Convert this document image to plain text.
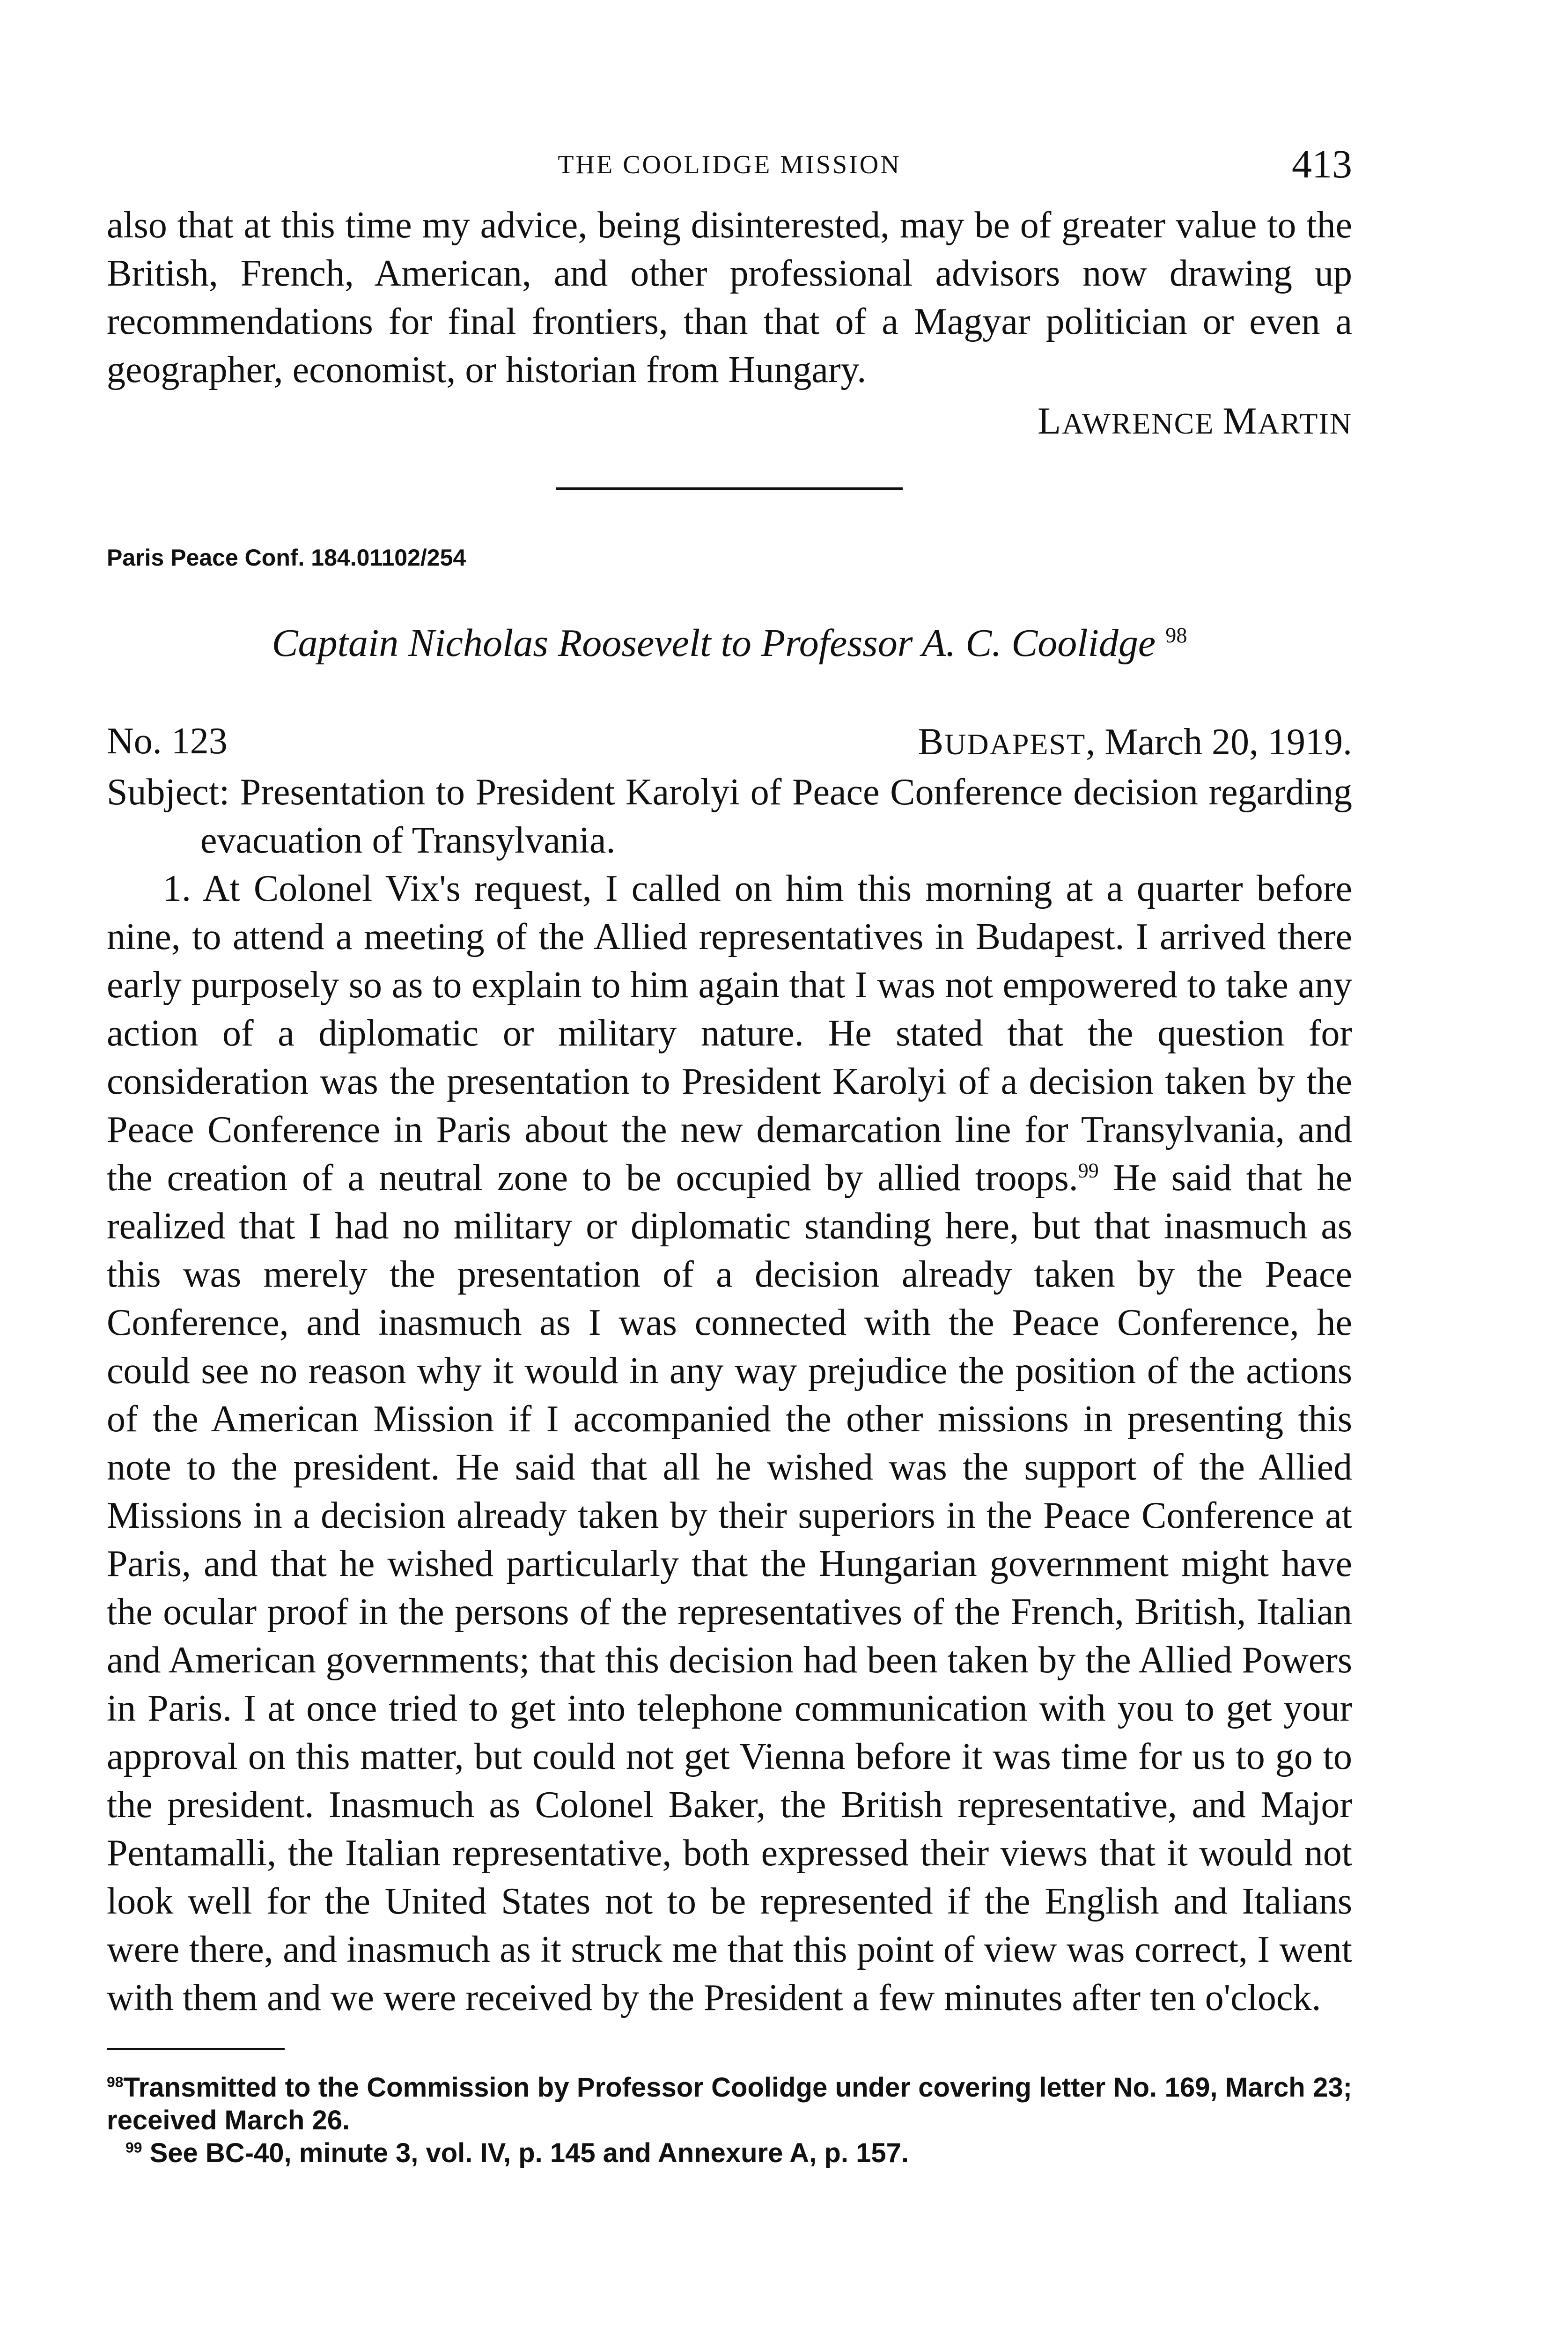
THE COOLIDGE MISSION	413

also that at this time my advice, being disinterested, may be of greater value to the British, French, American, and other professional advisors now drawing up recommendations for final frontiers, than that of a Magyar politician or even a geographer, economist, or historian from Hungary.

LAWRENCE MARTIN

Paris Peace Conf. 184.01102/254

Captain Nicholas Roosevelt to Professor A. C. Coolidge $^{98}$

No. 123	BUDAPEST, March 20, 1919.

Subject: Presentation to President Karolyi of Peace Conference decision regarding evacuation of Transylvania.

1. At Colonel Vix's request, I called on him this morning at a quarter before nine, to attend a meeting of the Allied representatives in Budapest. I arrived there early purposely so as to explain to him again that I was not empowered to take any action of a diplomatic or military nature. He stated that the question for consideration was the presentation to President Karolyi of a decision taken by the Peace Conference in Paris about the new demarcation line for Transylvania, and the creation of a neutral zone to be occupied by allied troops.$^{99}$ He said that he realized that I had no military or diplomatic standing here, but that inasmuch as this was merely the presentation of a decision already taken by the Peace Conference, and inasmuch as I was connected with the Peace Conference, he could see no reason why it would in any way prejudice the position of the actions of the American Mission if I accompanied the other missions in presenting this note to the president. He said that all he wished was the support of the Allied Missions in a decision already taken by their superiors in the Peace Conference at Paris, and that he wished particularly that the Hungarian government might have the ocular proof in the persons of the representatives of the French, British, Italian and American governments; that this decision had been taken by the Allied Powers in Paris. I at once tried to get into telephone communication with you to get your approval on this matter, but could not get Vienna before it was time for us to go to the president. Inasmuch as Colonel Baker, the British representative, and Major Pentamalli, the Italian representative, both expressed their views that it would not look well for the United States not to be represented if the English and Italians were there, and inasmuch as it struck me that this point of view was correct, I went with them and we were received by the President a few minutes after ten o'clock.

$^{98}$Transmitted to the Commission by Professor Coolidge under covering letter No. 169, March 23; received March 26.

$^{99}$ See BC-40, minute 3, vol. IV, p. 145 and Annexure A, p. 157.
